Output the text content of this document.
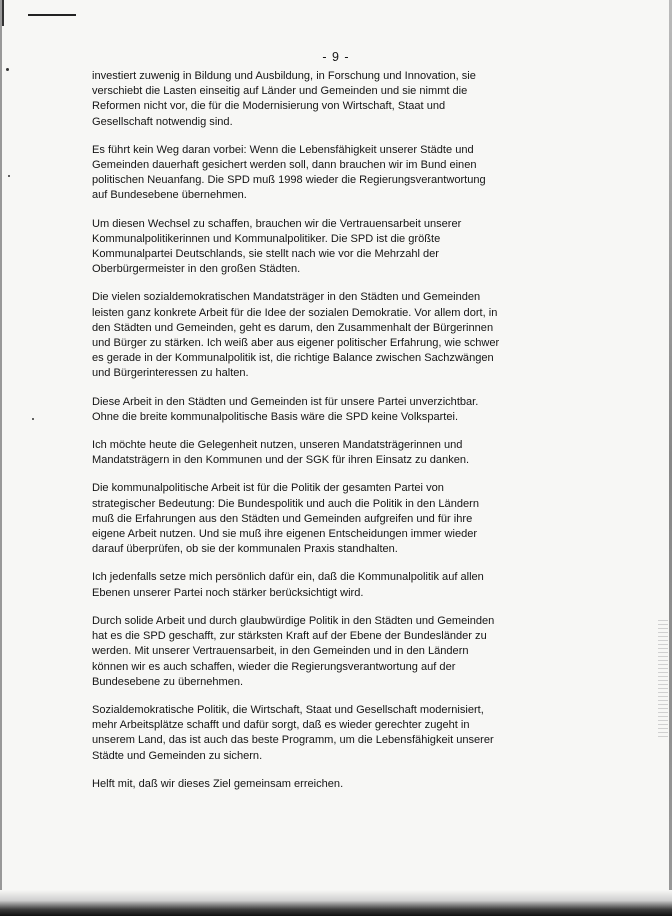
- 9 -
investiert zuwenig in Bildung und Ausbildung, in Forschung und Innovation, sie
verschiebt die Lasten einseitig auf Länder und Gemeinden und sie nimmt die
Reformen nicht vor, die für die Modernisierung von Wirtschaft, Staat und
Gesellschaft notwendig sind.
Es führt kein Weg daran vorbei: Wenn die Lebensfähigkeit unserer Städte und
Gemeinden dauerhaft gesichert werden soll, dann brauchen wir im Bund einen
politischen Neuanfang. Die SPD muß 1998 wieder die Regierungsverantwortung
auf Bundesebene übernehmen.
Um diesen Wechsel zu schaffen, brauchen wir die Vertrauensarbeit unserer
Kommunalpolitikerinnen und Kommunalpolitiker. Die SPD ist die größte
Kommunalpartei Deutschlands, sie stellt nach wie vor die Mehrzahl der
Oberbürgermeister in den großen Städten.
Die vielen sozialdemokratischen Mandatsträger in den Städten und Gemeinden
leisten ganz konkrete Arbeit für die Idee der sozialen Demokratie. Vor allem dort, in
den Städten und Gemeinden, geht es darum, den Zusammenhalt der Bürgerinnen
und Bürger zu stärken. Ich weiß aber aus eigener politischer Erfahrung, wie schwer
es gerade in der Kommunalpolitik ist, die richtige Balance zwischen Sachzwängen
und Bürgerinteressen zu halten.
Diese Arbeit in den Städten und Gemeinden ist für unsere Partei unverzichtbar.
Ohne die breite kommunalpolitische Basis wäre die SPD keine Volkspartei.
Ich möchte heute die Gelegenheit nutzen, unseren Mandatsträgerinnen und
Mandatsträgern in den Kommunen und der SGK für ihren Einsatz zu danken.
Die kommunalpolitische Arbeit ist für die Politik der gesamten Partei von
strategischer Bedeutung: Die Bundespolitik und auch die Politik in den Ländern
muß die Erfahrungen aus den Städten und Gemeinden aufgreifen und für ihre
eigene Arbeit nutzen. Und sie muß ihre eigenen Entscheidungen immer wieder
darauf überprüfen, ob sie der kommunalen Praxis standhalten.
Ich jedenfalls setze mich persönlich dafür ein, daß die Kommunalpolitik auf allen
Ebenen unserer Partei noch stärker berücksichtigt wird.
Durch solide Arbeit und durch glaubwürdige Politik in den Städten und Gemeinden
hat es die SPD geschafft, zur stärksten Kraft auf der Ebene der Bundesländer zu
werden. Mit unserer Vertrauensarbeit, in den Gemeinden und in den Ländern
können wir es auch schaffen, wieder die Regierungsverantwortung auf der
Bundesebene zu übernehmen.
Sozialdemokratische Politik, die Wirtschaft, Staat und Gesellschaft modernisiert,
mehr Arbeitsplätze schafft und dafür sorgt, daß es wieder gerechter zugeht in
unserem Land, das ist auch das beste Programm, um die Lebensfähigkeit unserer
Städte und Gemeinden zu sichern.
Helft mit, daß wir dieses Ziel gemeinsam erreichen.
